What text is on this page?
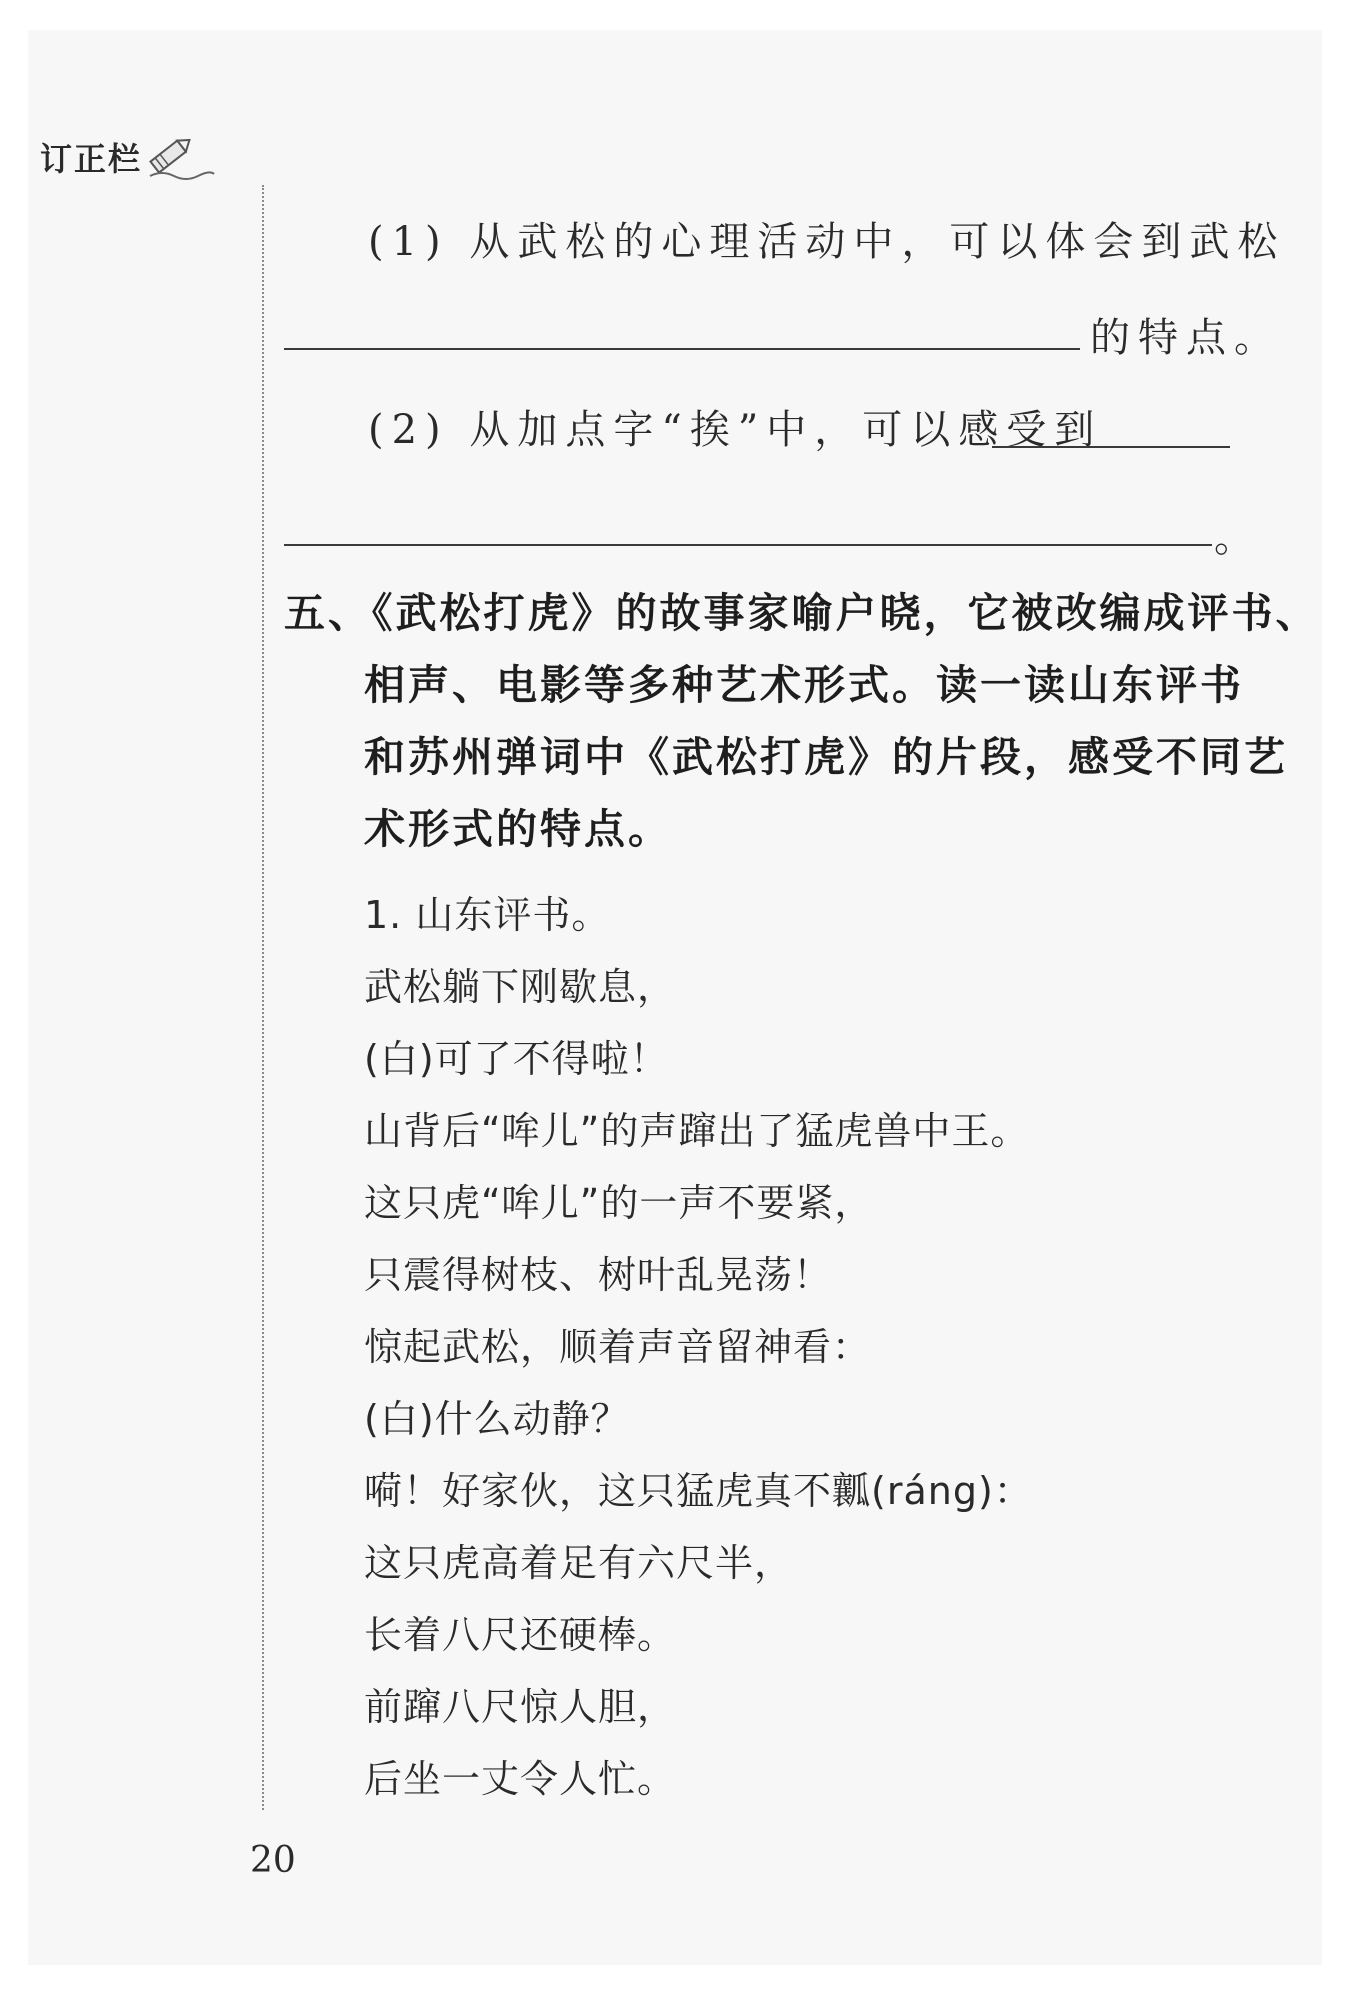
订正栏
(1) 从武松的心理活动中，可以体会到武松
的特点。
(2) 从加点字“挨”中，可以感受到
。
五、《武松打虎》的故事家喻户晓，它被改编成评书、
相声、电影等多种艺术形式。读一读山东评书
和苏州弹词中《武松打虎》的片段，感受不同艺
术形式的特点。
1. 山东评书。
武松躺下刚歇息，
(白)可了不得啦！
山背后“哞儿”的声蹿出了猛虎兽中王。
这只虎“哞儿”的一声不要紧，
只震得树枝、树叶乱晃荡！
惊起武松，顺着声音留神看：
(白)什么动静？
嗬！好家伙，这只猛虎真不瓤(ráng)：
这只虎高着足有六尺半，
长着八尺还硬棒。
前蹿八尺惊人胆，
后坐一丈令人忙。
20
